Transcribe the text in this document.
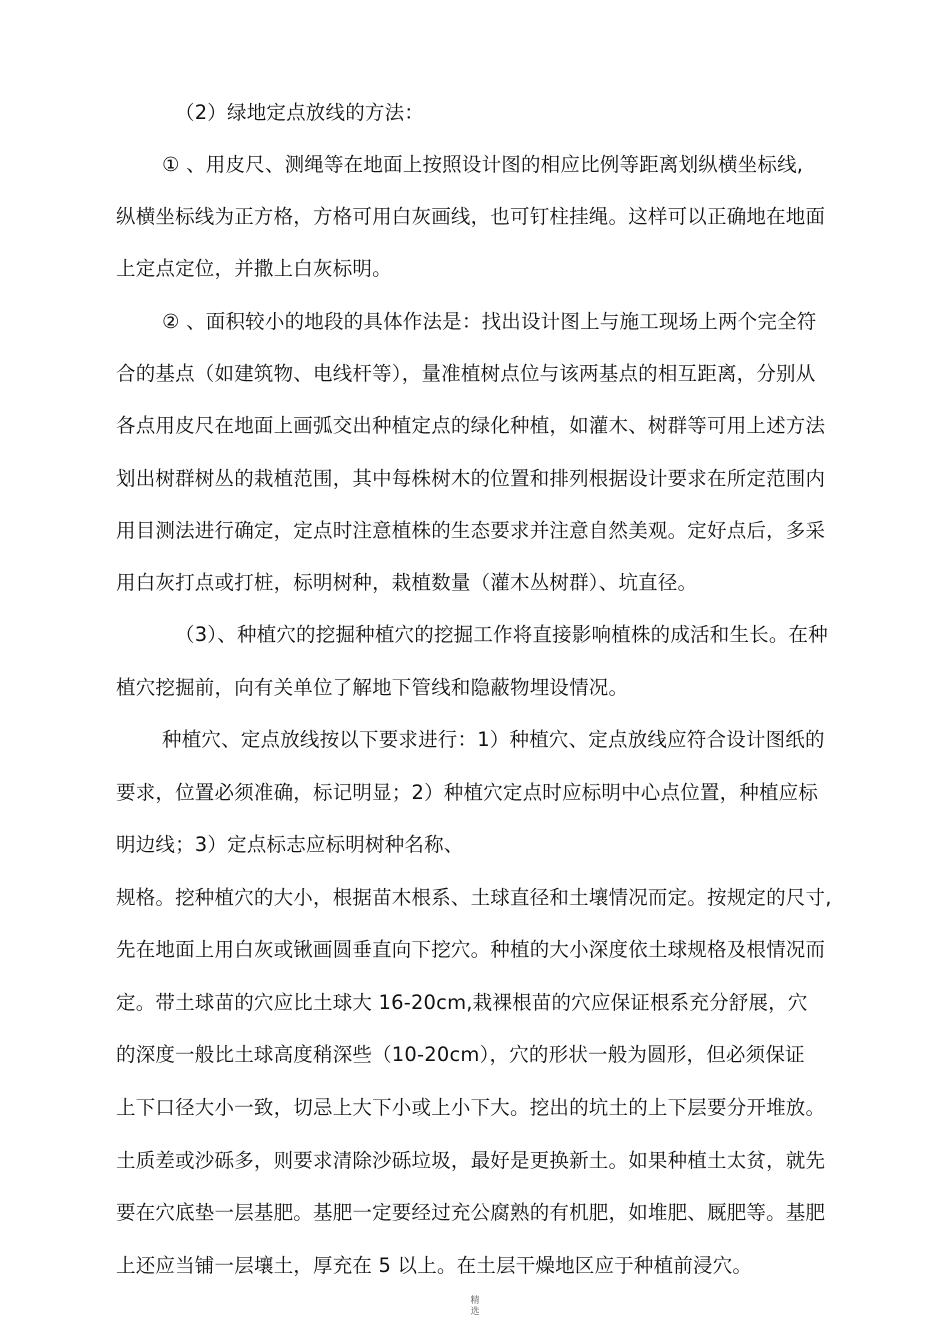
（2）绿地定点放线的方法：
① 、用皮尺、测绳等在地面上按照设计图的相应比例等距离划纵横坐标线,
纵横坐标线为正方格，方格可用白灰画线，也可钉柱挂绳。这样可以正确地在地面
上定点定位，并撒上白灰标明。
② 、面积较小的地段的具体作法是：找出设计图上与施工现场上两个完全符
合的基点（如建筑物、电线杆等），量准植树点位与该两基点的相互距离，分别从
各点用皮尺在地面上画弧交出种植定点的绿化种植，如灌木、树群等可用上述方法
划出树群树丛的栽植范围，其中每株树木的位置和排列根据设计要求在所定范围内
用目测法进行确定，定点时注意植株的生态要求并注意自然美观。定好点后，多采
用白灰打点或打桩，标明树种，栽植数量（灌木丛树群）、坑直径。
（3）、种植穴的挖掘种植穴的挖掘工作将直接影响植株的成活和生长。在种
植穴挖掘前，向有关单位了解地下管线和隐蔽物埋设情况。
种植穴、定点放线按以下要求进行：1）种植穴、定点放线应符合设计图纸的
要求，位置必须准确，标记明显；2）种植穴定点时应标明中心点位置，种植应标
明边线；3）定点标志应标明树种名称、
规格。挖种植穴的大小，根据苗木根系、土球直径和土壤情况而定。按规定的尺寸,
先在地面上用白灰或锹画圆垂直向下挖穴。种植的大小深度依土球规格及根情况而
定。带土球苗的穴应比土球大 16-20cm,栽裸根苗的穴应保证根系充分舒展，穴
的深度一般比土球高度稍深些（10-20cm），穴的形状一般为圆形，但必须保证
上下口径大小一致，切忌上大下小或上小下大。挖出的坑土的上下层要分开堆放。
土质差或沙砾多，则要求清除沙砾垃圾，最好是更换新土。如果种植土太贫，就先
要在穴底垫一层基肥。基肥一定要经过充公腐熟的有机肥，如堆肥、厩肥等。基肥
上还应当铺一层壤土，厚充在 5 以上。在土层干燥地区应于种植前浸穴。
精
选
